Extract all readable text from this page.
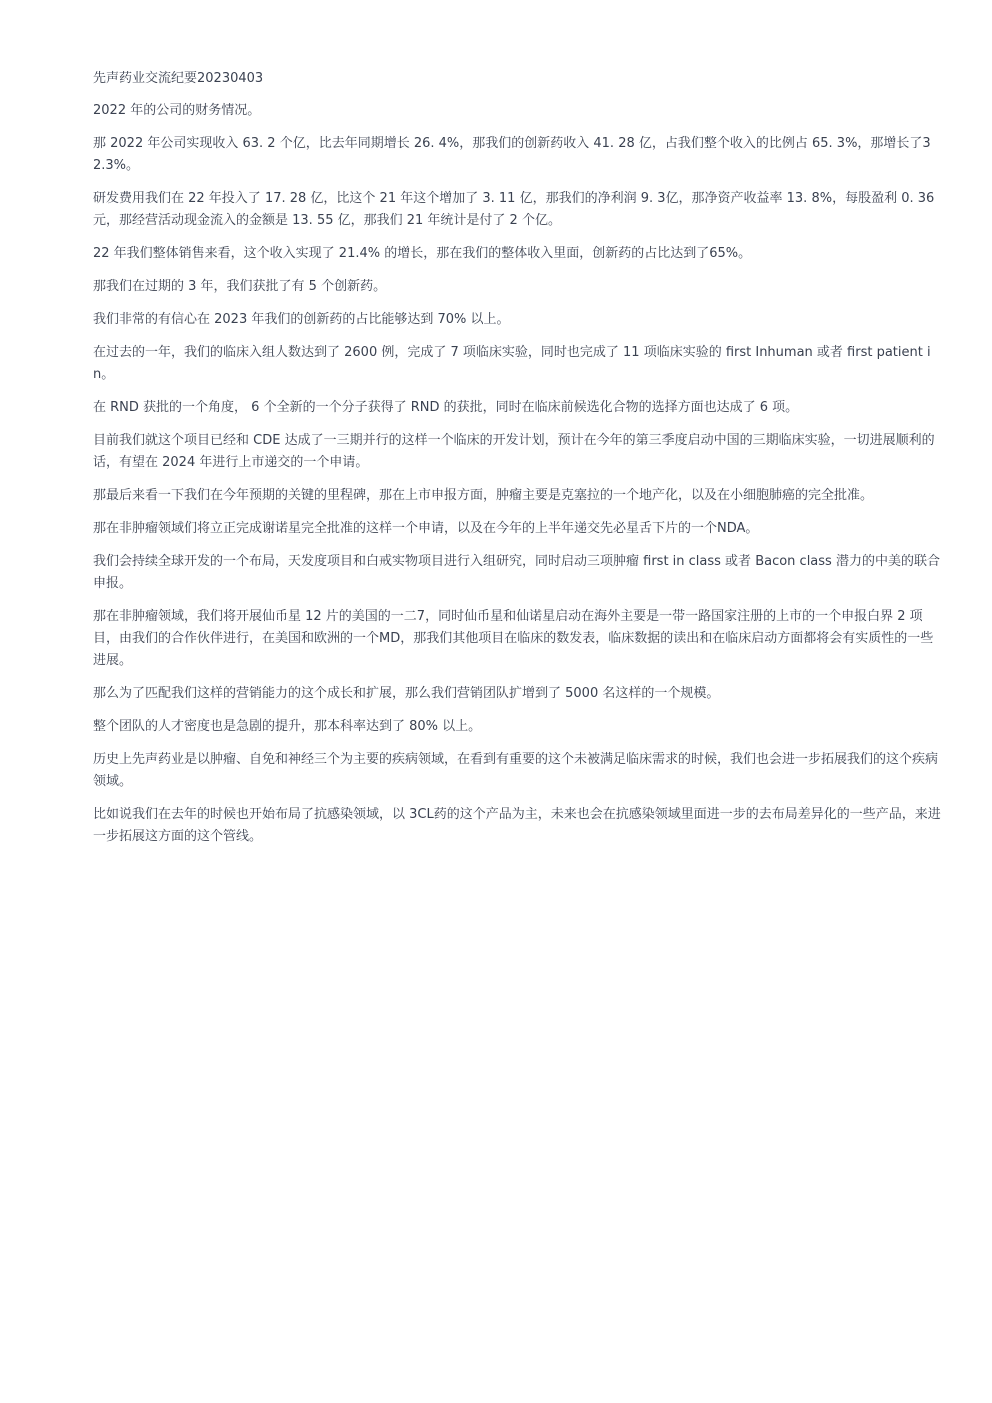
先声药业交流纪要20230403
2022 年的公司的财务情况。
那 2022 年公司实现收入 63. 2 个亿，比去年同期增长 26. 4%，那我们的创新药收入 41. 28 亿，占我们整个收入的比例占 65. 3%，那增长了32.3%。
研发费用我们在 22 年投入了 17. 28 亿，比这个 21 年这个增加了 3. 11 亿，那我们的净利润 9. 3亿，那净资产收益率 13. 8%，每股盈利 0. 36 元，那经营活动现金流入的金额是 13. 55 亿，那我们 21 年统计是付了 2 个亿。
22 年我们整体销售来看，这个收入实现了 21.4% 的增长，那在我们的整体收入里面，创新药的占比达到了65%。
那我们在过期的 3 年，我们获批了有 5 个创新药。
我们非常的有信心在 2023 年我们的创新药的占比能够达到 70% 以上。
在过去的一年，我们的临床入组人数达到了 2600 例，完成了 7 项临床实验，同时也完成了 11 项临床实验的 first Inhuman 或者 first patient in。
在 RND 获批的一个角度， 6 个全新的一个分子获得了 RND 的获批，同时在临床前候选化合物的选择方面也达成了 6 项。
目前我们就这个项目已经和 CDE 达成了一三期并行的这样一个临床的开发计划，预计在今年的第三季度启动中国的三期临床实验，一切进展顺利的话，有望在 2024 年进行上市递交的一个申请。
那最后来看一下我们在今年预期的关键的里程碑，那在上市申报方面，肿瘤主要是克塞拉的一个地产化，以及在小细胞肺癌的完全批准。
那在非肿瘤领域们将立正完成谢诺星完全批准的这样一个申请，以及在今年的上半年递交先必星舌下片的一个NDA。
我们会持续全球开发的一个布局，天发度项目和白戒实物项目进行入组研究，同时启动三项肿瘤 first in class 或者 Bacon class 潜力的中美的联合申报。
那在非肿瘤领域，我们将开展仙币星 12 片的美国的一二7，同时仙币星和仙诺星启动在海外主要是一带一路国家注册的上市的一个申报白界 2 项目，由我们的合作伙伴进行，在美国和欧洲的一个MD，那我们其他项目在临床的数发表，临床数据的读出和在临床启动方面都将会有实质性的一些进展。
那么为了匹配我们这样的营销能力的这个成长和扩展，那么我们营销团队扩增到了 5000 名这样的一个规模。
整个团队的人才密度也是急剧的提升，那本科率达到了 80% 以上。
历史上先声药业是以肿瘤、自免和神经三个为主要的疾病领域，在看到有重要的这个未被满足临床需求的时候，我们也会进一步拓展我们的这个疾病领域。
比如说我们在去年的时候也开始布局了抗感染领域，以 3CL药的这个产品为主，未来也会在抗感染领域里面进一步的去布局差异化的一些产品，来进一步拓展这方面的这个管线。
